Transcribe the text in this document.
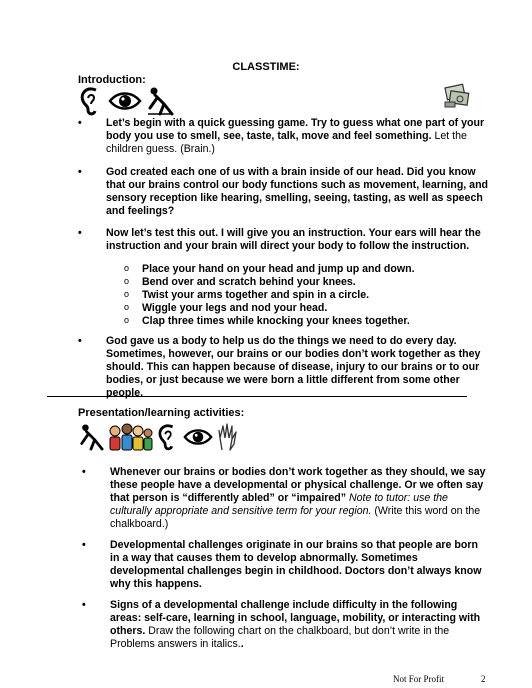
CLASSTIME:
Introduction:

• Let’s begin with a quick guessing game. Try to guess what one part of your body you use to smell, see, taste, talk, move and feel something. Let the children guess. (Brain.)

• God created each one of us with a brain inside of our head. Did you know that our brains control our body functions such as movement, learning, and sensory reception like hearing, smelling, seeing, tasting, as well as speech and feelings?

• Now let’s test this out. I will give you an instruction. Your ears will hear the instruction and your brain will direct your body to follow the instruction.

o Place your hand on your head and jump up and down.
o Bend over and scratch behind your knees.
o Twist your arms together and spin in a circle.
o Wiggle your legs and nod your head.
o Clap three times while knocking your knees together.

• God gave us a body to help us do the things we need to do every day. Sometimes, however, our brains or our bodies don’t work together as they should. This can happen because of disease, injury to our brains or to our bodies, or just because we were born a little different from some other people.

Presentation/learning activities:

• Whenever our brains or bodies don’t work together as they should, we say these people have a developmental or physical challenge. Or we often say that person is “differently abled” or “impaired” Note to tutor: use the culturally appropriate and sensitive term for your region. (Write this word on the chalkboard.)

• Developmental challenges originate in our brains so that people are born in a way that causes them to develop abnormally. Sometimes developmental challenges begin in childhood. Doctors don’t always know why this happens.

• Signs of a developmental challenge include difficulty in the following areas: self-care, learning in school, language, mobility, or interacting with others. Draw the following chart on the chalkboard, but don’t write in the Problems answers in italics..

Not For Profit	2
